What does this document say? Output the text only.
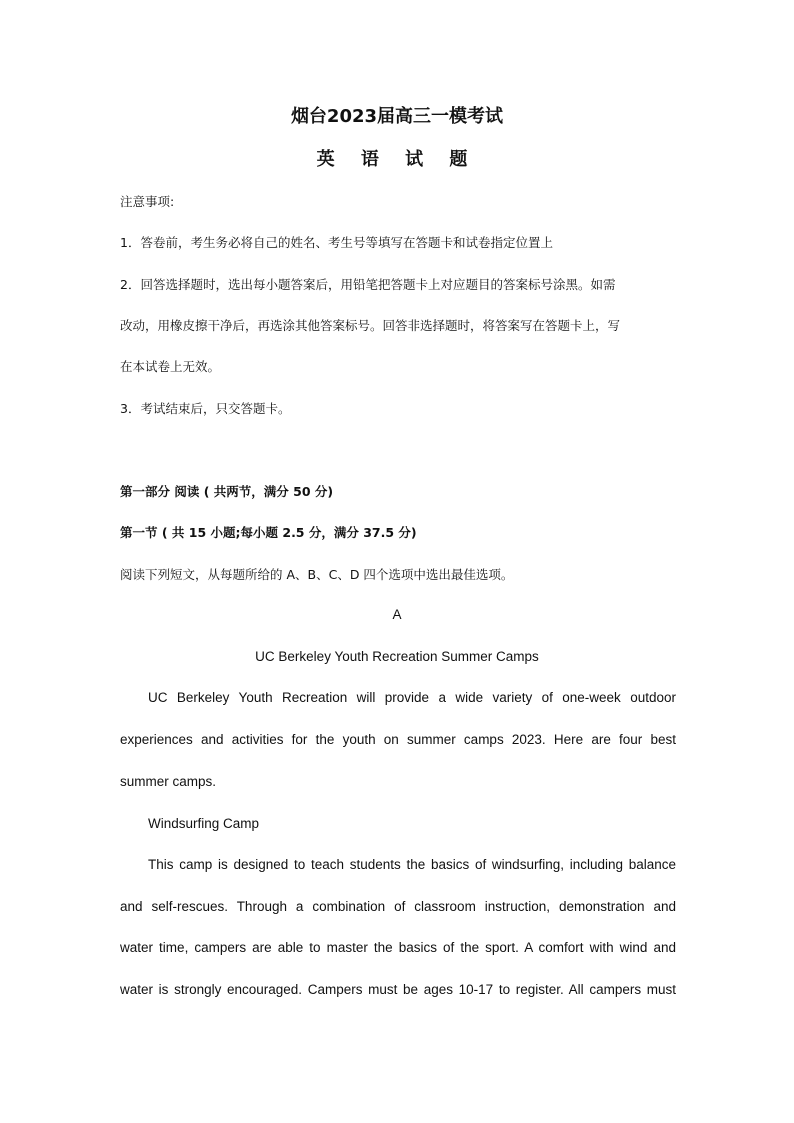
烟台2023届高三一模考试
英 语 试 题
注意事项:
1．答卷前，考生务必将自己的姓名、考生号等填写在答题卡和试卷指定位置上
2．回答选择题时，选出每小题答案后，用铅笔把答题卡上对应题目的答案标号涂黑。如需
改动，用橡皮擦干净后，再选涂其他答案标号。回答非选择题时，将答案写在答题卡上，写
在本试卷上无效。
3．考试结束后，只交答题卡。
第一部分 阅读 ( 共两节，满分 50 分)
第一节 ( 共 15 小题;每小题 2.5 分，满分 37.5 分)
阅读下列短文，从每题所给的 A、B、C、D 四个选项中选出最佳选项。
A
UC Berkeley Youth Recreation Summer Camps
UC Berkeley Youth Recreation will provide a wide variety of one-week outdoor
experiences and activities for the youth on summer camps 2023. Here are four best
summer camps.
Windsurfing Camp
This camp is designed to teach students the basics of windsurfing, including balance
and self-rescues. Through a combination of classroom instruction, demonstration and
water time, campers are able to master the basics of the sport. A comfort with wind and
water is strongly encouraged. Campers must be ages 10-17 to register. All campers must
